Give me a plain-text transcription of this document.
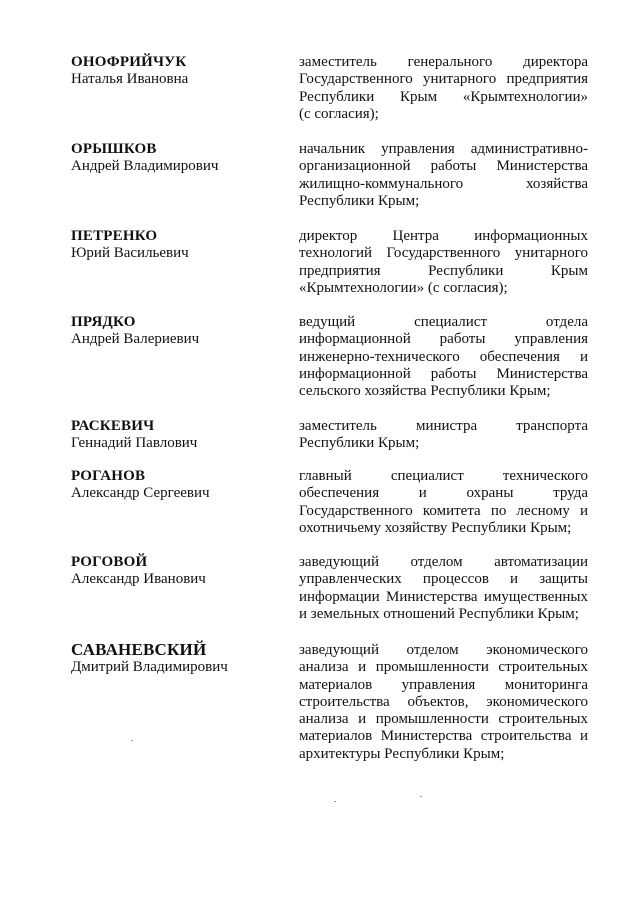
ОНОФРИЙЧУК
Наталья Ивановна
заместитель генерального директора
Государственного унитарного предприятия
Республики Крым «Крымтехнологии»
(с согласия);
ОРЫШКОВ
Андрей Владимирович
начальник управления административно-
организационной работы Министерства
жилищно-коммунального хозяйства
Республики Крым;
ПЕТРЕНКО
Юрий Васильевич
директор Центра информационных
технологий Государственного унитарного
предприятия Республики Крым
«Крымтехнологии» (с согласия);
ПРЯДКО
Андрей Валериевич
ведущий специалист отдела
информационной работы управления
инженерно-технического обеспечения и
информационной работы Министерства
сельского хозяйства Республики Крым;
РАСКЕВИЧ
Геннадий Павлович
заместитель министра транспорта
Республики Крым;
РОГАНОВ
Александр Сергеевич
главный специалист технического
обеспечения и охраны труда
Государственного комитета по лесному и
охотничьему хозяйству Республики Крым;
РОГОВОЙ
Александр Иванович
заведующий отделом автоматизации
управленческих процессов и защиты
информации Министерства имущественных
и земельных отношений Республики Крым;
САВАНЕВСКИЙ
Дмитрий Владимирович
заведующий отделом экономического
анализа и промышленности строительных
материалов управления мониторинга
строительства объектов, экономического
анализа и промышленности строительных
материалов Министерства строительства и
архитектуры Республики Крым;
